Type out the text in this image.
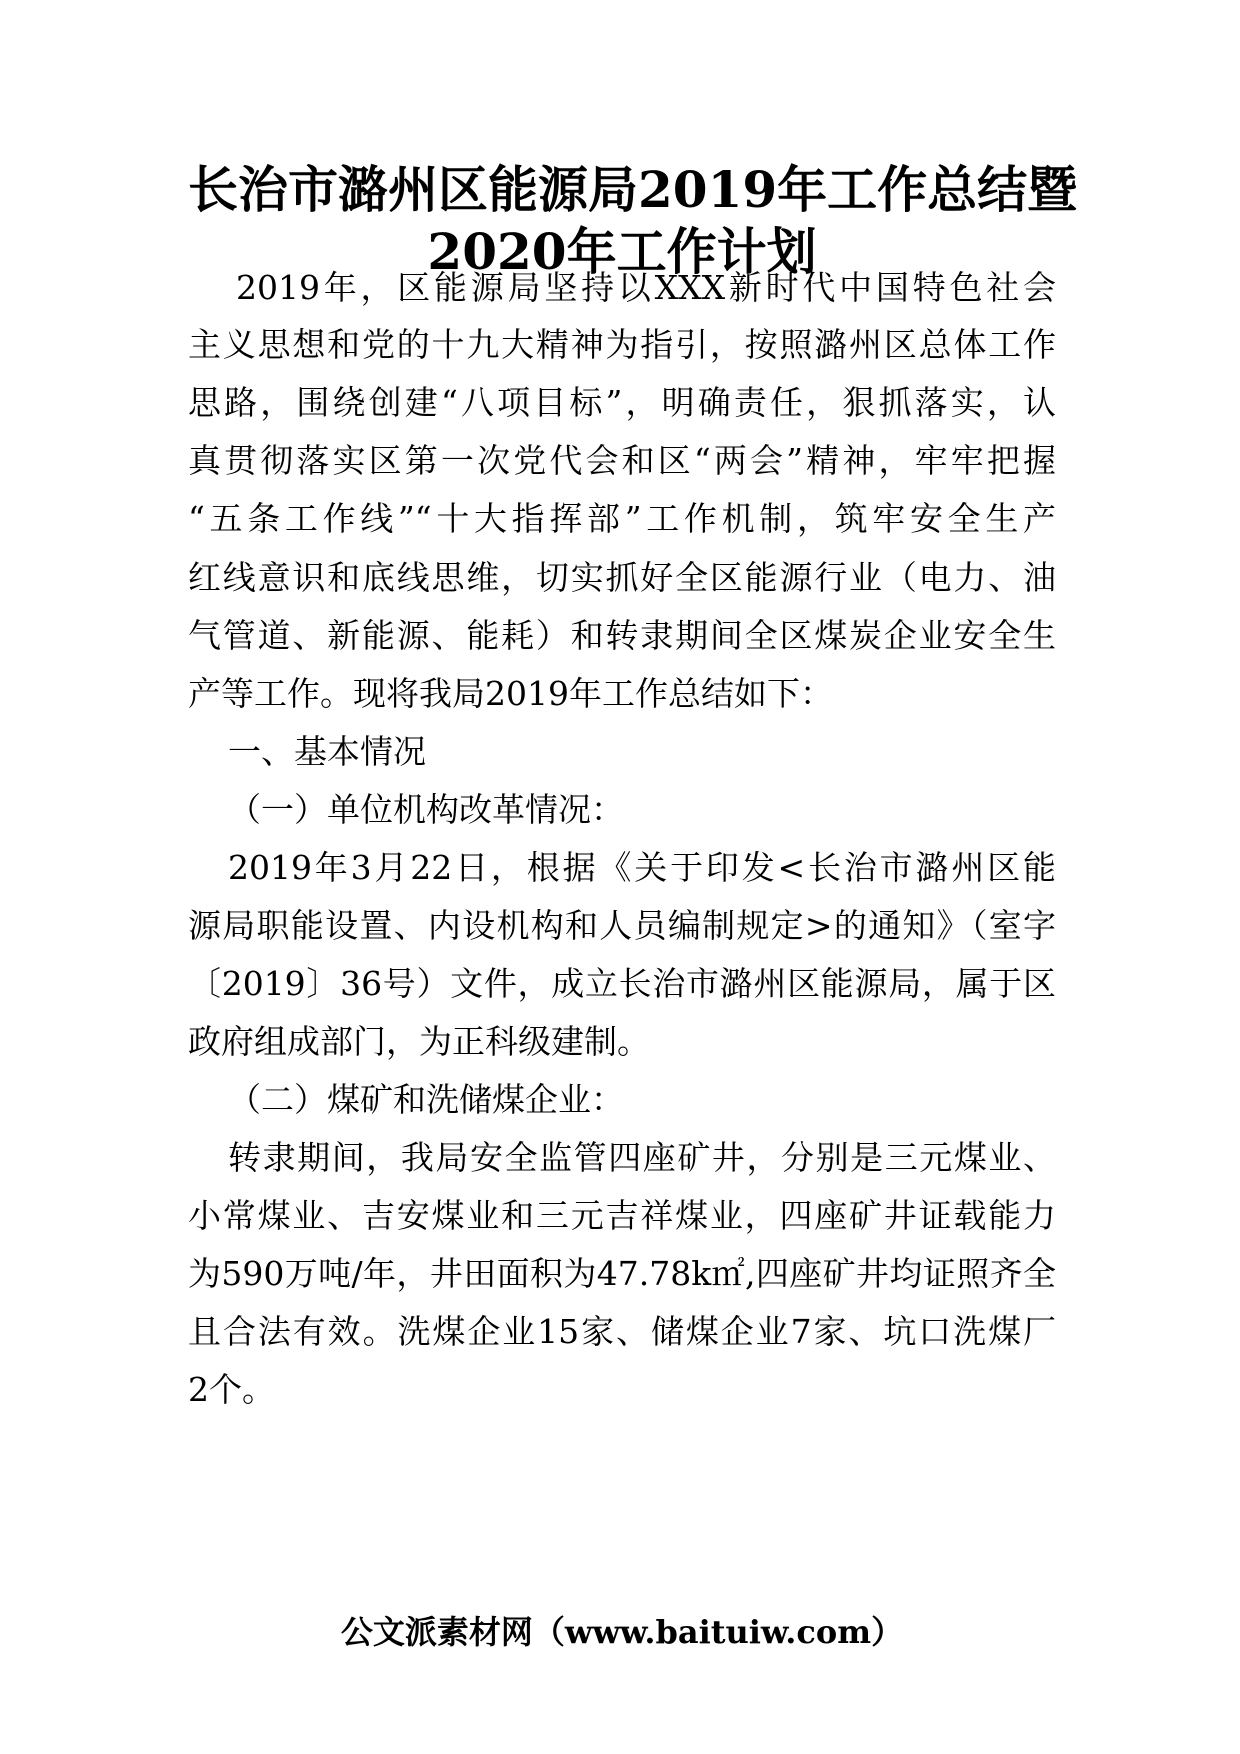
长治市潞州区能源局2019年工作总结暨
2020年工作计划

2019年，区能源局坚持以XXX新时代中国特色社会

主义思想和党的十九大精神为指引，按照潞州区总体工作

思路，围绕创建“八项目标”，明确责任，狠抓落实，认

真贯彻落实区第一次党代会和区“两会”精神，牢牢把握

“五条工作线”“十大指挥部”工作机制，筑牢安全生产

红线意识和底线思维，切实抓好全区能源行业（电力、油

气管道、新能源、能耗）和转隶期间全区煤炭企业安全生

产等工作。现将我局2019年工作总结如下：

一、基本情况

（一）单位机构改革情况：

2019年3月22日，根据《关于印发<长治市潞州区能

源局职能设置、内设机构和人员编制规定>的通知》（室字

〔2019〕36号）文件，成立长治市潞州区能源局，属于区

政府组成部门，为正科级建制。

（二）煤矿和洗储煤企业：

转隶期间，我局安全监管四座矿井，分别是三元煤业、

小常煤业、吉安煤业和三元吉祥煤业，四座矿井证载能力

为590万吨/年，井田面积为47.78k㎡,四座矿井均证照齐全

且合法有效。洗煤企业15家、储煤企业7家、坑口洗煤厂

2个。

公文派素材网（www.baituiw.com）
